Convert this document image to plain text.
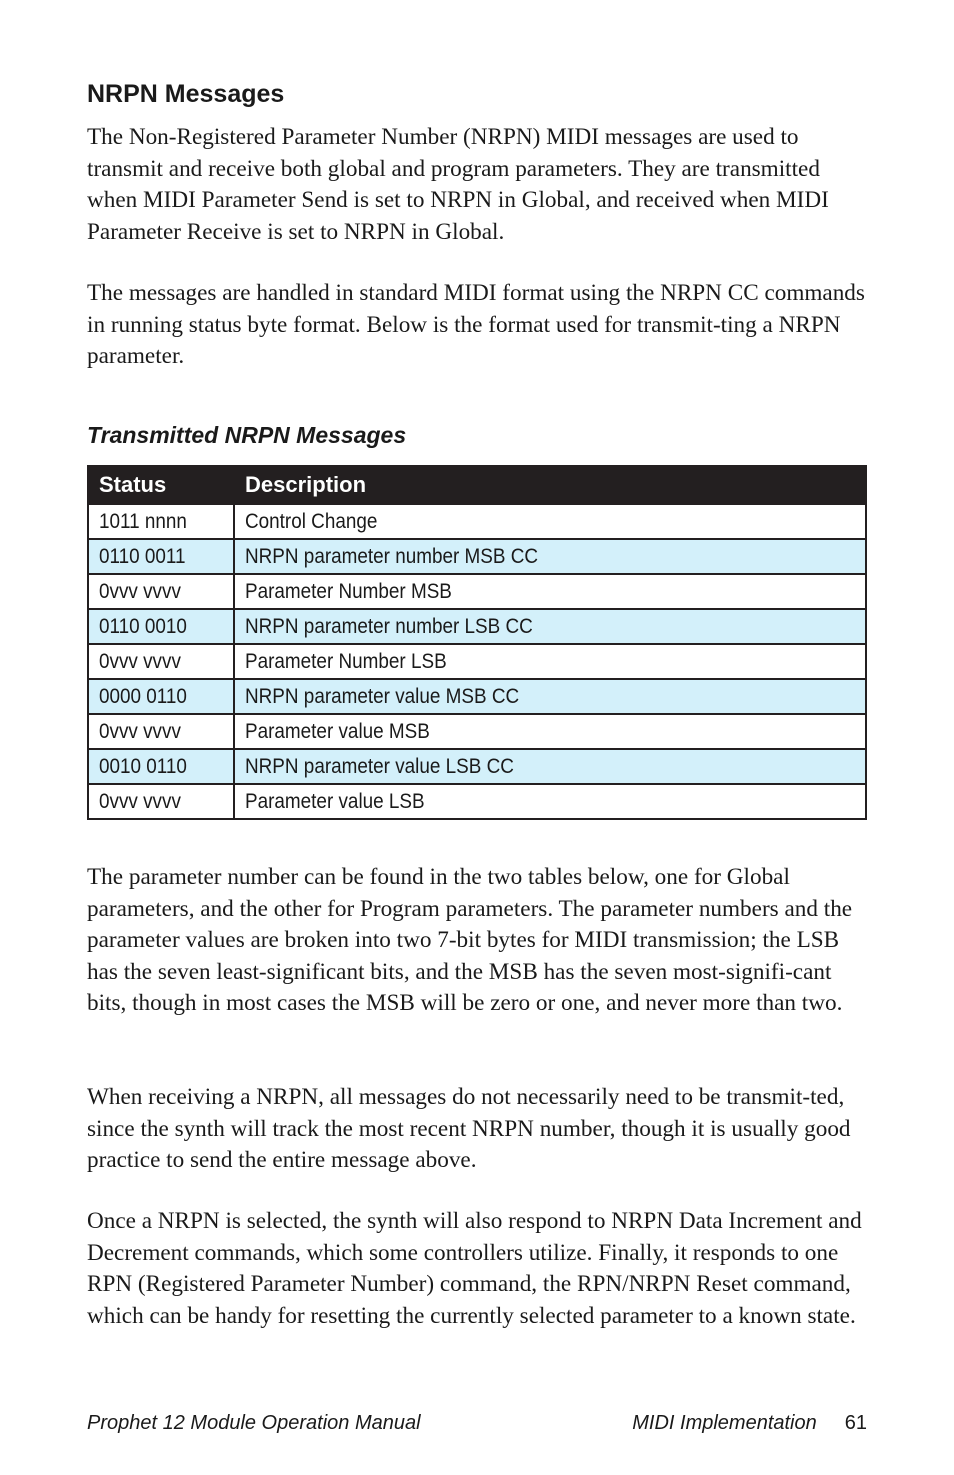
NRPN Messages

The Non-Registered Parameter Number (NRPN) MIDI messages are used to transmit and receive both global and program parameters. They are transmitted when MIDI Parameter Send is set to NRPN in Global, and received when MIDI Parameter Receive is set to NRPN in Global.

The messages are handled in standard MIDI format using the NRPN CC commands in running status byte format. Below is the format used for transmit-ting a NRPN parameter.

Transmitted NRPN Messages
Status	Description
1011 nnnn	Control Change
0110 0011	NRPN parameter number MSB CC
0vvv vvvv	Parameter Number MSB
0110 0010	NRPN parameter number LSB CC
0vvv vvvv	Parameter Number LSB
0000 0110	NRPN parameter value MSB CC
0vvv vvvv	Parameter value MSB
0010 0110	NRPN parameter value LSB CC
0vvv vvvv	Parameter value LSB

The parameter number can be found in the two tables below, one for Global parameters, and the other for Program parameters. The parameter numbers and the parameter values are broken into two 7-bit bytes for MIDI transmission; the LSB has the seven least-significant bits, and the MSB has the seven most-signifi-cant bits, though in most cases the MSB will be zero or one, and never more than two.

When receiving a NRPN, all messages do not necessarily need to be transmit-ted, since the synth will track the most recent NRPN number, though it is usually good practice to send the entire message above.

Once a NRPN is selected, the synth will also respond to NRPN Data Increment and Decrement commands, which some controllers utilize. Finally, it responds to one RPN (Registered Parameter Number) command, the RPN/NRPN Reset command, which can be handy for resetting the currently selected parameter to a known state.

Prophet 12 Module Operation Manual	MIDI Implementation 61
